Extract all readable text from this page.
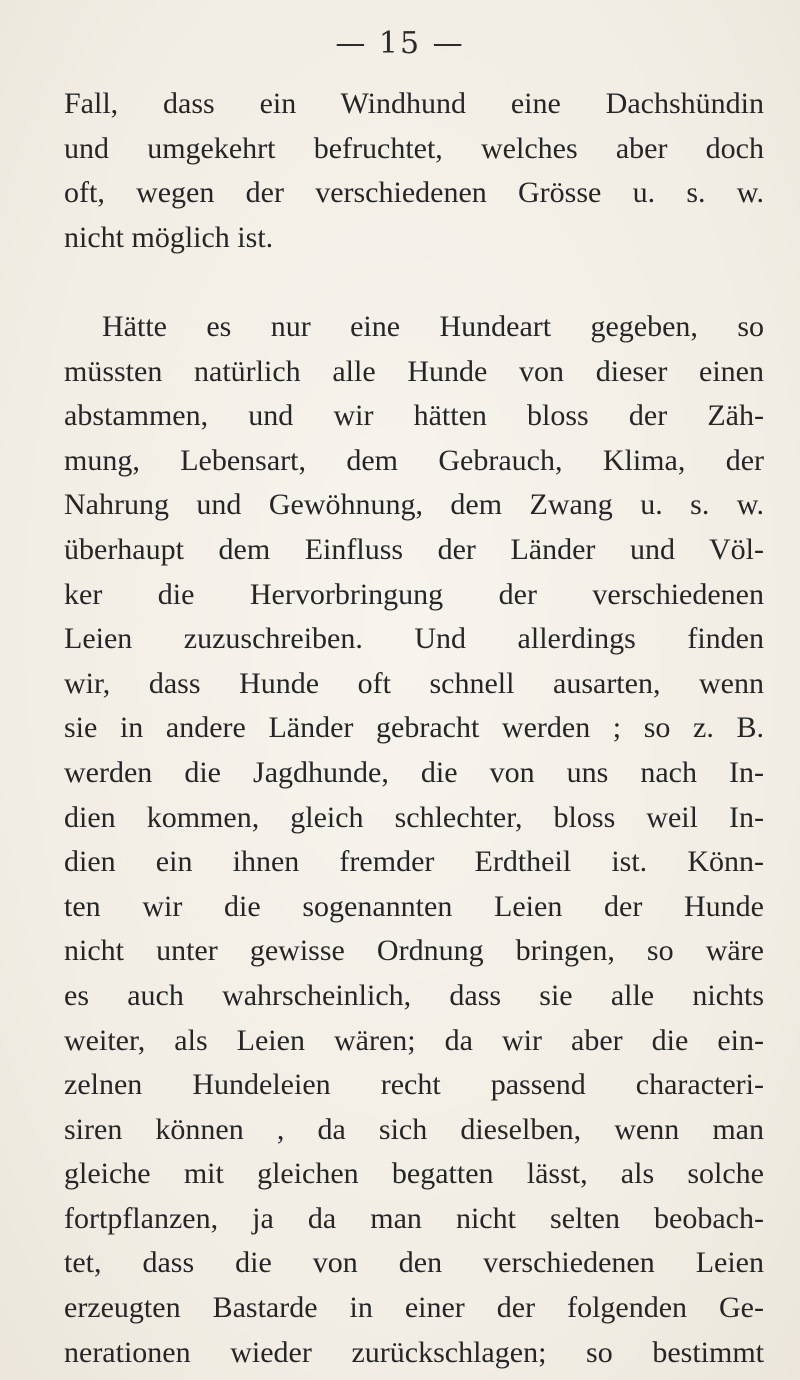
— 15 —
Fall, dass ein Windhund eine Dachshündin
und umgekehrt befruchtet, welches aber doch
oft, wegen der verschiedenen Grösse u. s. w.
nicht möglich ist.
Hätte es nur eine Hundeart gegeben, so
müssten natürlich alle Hunde von dieser einen
abstammen, und wir hätten bloss der Zäh-
mung, Lebensart, dem Gebrauch, Klima, der
Nahrung und Gewöhnung, dem Zwang u. s. w.
überhaupt dem Einfluss der Länder und Völ-
ker die Hervorbringung der verschiedenen
Leien zuzuschreiben. Und allerdings finden
wir, dass Hunde oft schnell ausarten, wenn
sie in andere Länder gebracht werden ; so z. B.
werden die Jagdhunde, die von uns nach In-
dien kommen, gleich schlechter, bloss weil In-
dien ein ihnen fremder Erdtheil ist. Könn-
ten wir die sogenannten Leien der Hunde
nicht unter gewisse Ordnung bringen, so wäre
es auch wahrscheinlich, dass sie alle nichts
weiter, als Leien wären; da wir aber die ein-
zelnen Hundeleien recht passend characteri-
siren können , da sich dieselben, wenn man
gleiche mit gleichen begatten lässt, als solche
fortpflanzen, ja da man nicht selten beobach-
tet, dass die von den verschiedenen Leien
erzeugten Bastarde in einer der folgenden Ge-
nerationen wieder zurückschlagen; so bestimmt
